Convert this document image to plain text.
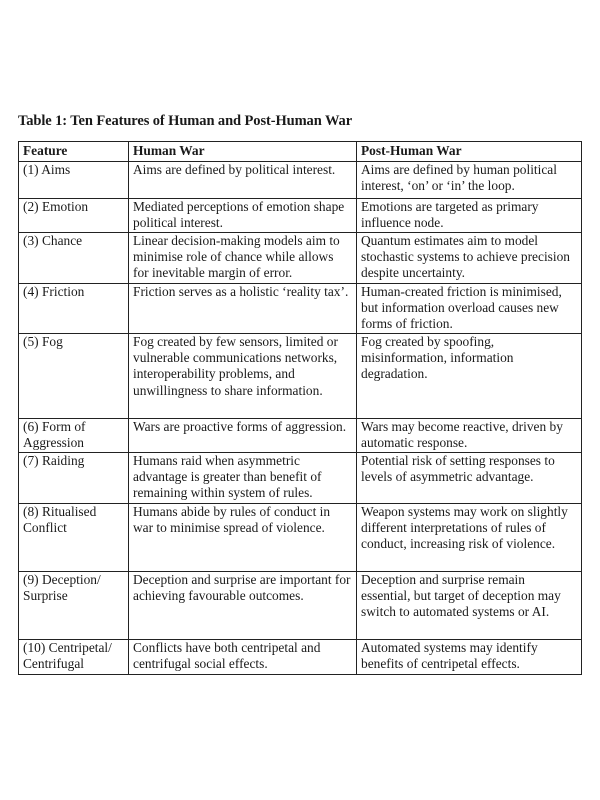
Table 1: Ten Features of Human and Post-Human War
Feature	Human War	Post-Human War
(1) Aims	Aims are defined by political interest.	Aims are defined by human political interest, ‘on’ or ‘in’ the loop.
(2) Emotion	Mediated perceptions of emotion shape political interest.	Emotions are targeted as primary influence node.
(3) Chance	Linear decision-making models aim to minimise role of chance while allows for inevitable margin of error.	Quantum estimates aim to model stochastic systems to achieve precision despite uncertainty.
(4) Friction	Friction serves as a holistic ‘reality tax’.	Human-created friction is minimised, but information overload causes new forms of friction.
(5) Fog	Fog created by few sensors, limited or vulnerable communications networks, interoperability problems, and unwillingness to share information.	Fog created by spoofing, misinformation, information degradation.
(6) Form of Aggression	Wars are proactive forms of aggression.	Wars may become reactive, driven by automatic response.
(7) Raiding	Humans raid when asymmetric advantage is greater than benefit of remaining within system of rules.	Potential risk of setting responses to levels of asymmetric advantage.
(8) Ritualised Conflict	Humans abide by rules of conduct in war to minimise spread of violence.	Weapon systems may work on slightly different interpretations of rules of conduct, increasing risk of violence.
(9) Deception/ Surprise	Deception and surprise are important for achieving favourable outcomes.	Deception and surprise remain essential, but target of deception may switch to automated systems or AI.
(10) Centripetal/ Centrifugal	Conflicts have both centripetal and centrifugal social effects.	Automated systems may identify benefits of centripetal effects.
